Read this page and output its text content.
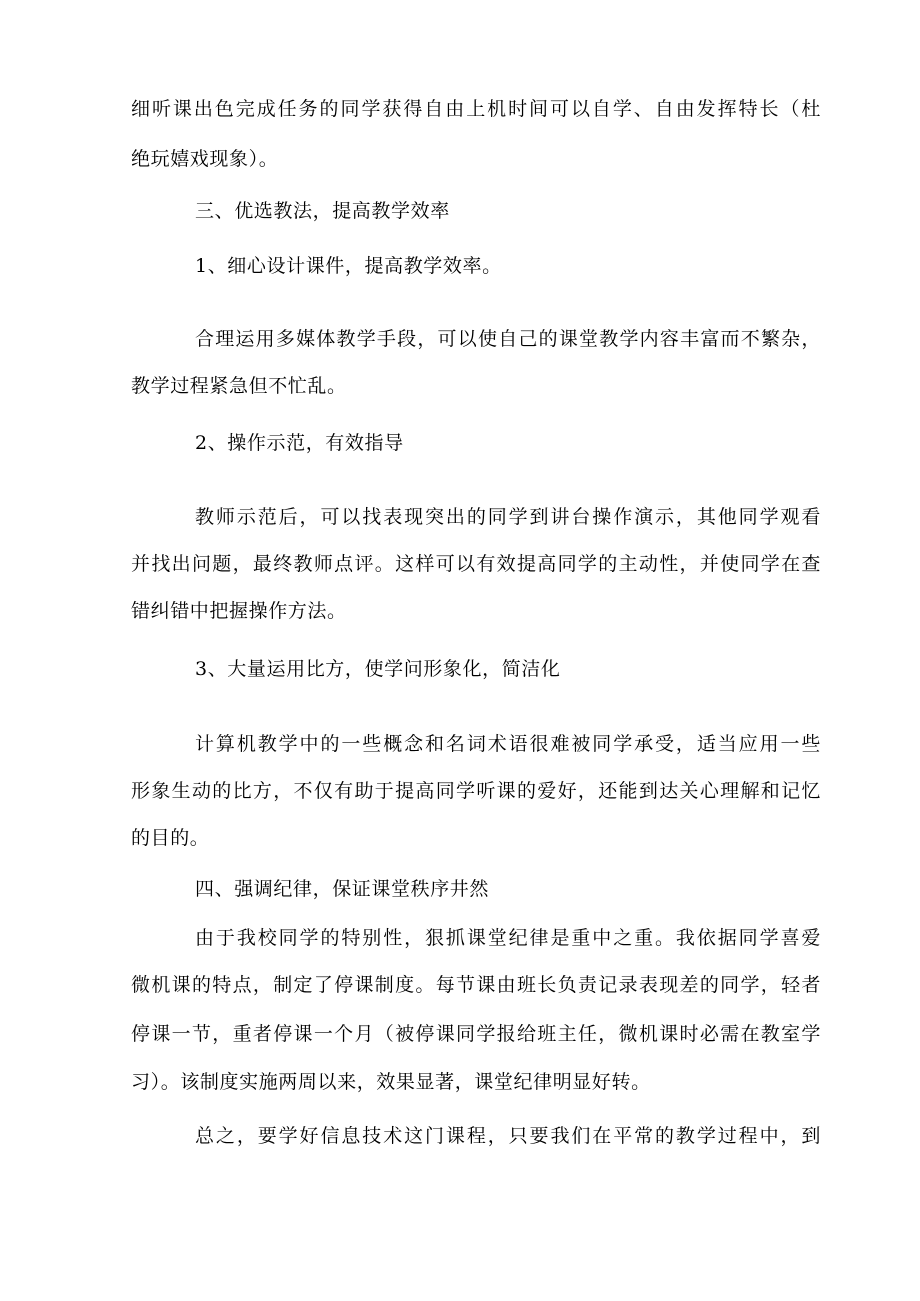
细听课出色完成任务的同学获得自由上机时间可以自学、自由发挥特长（杜
绝玩嬉戏现象）。
三、优选教法，提高教学效率
1、细心设计课件，提高教学效率。
合理运用多媒体教学手段，可以使自己的课堂教学内容丰富而不繁杂，
教学过程紧急但不忙乱。
2、操作示范，有效指导
教师示范后，可以找表现突出的同学到讲台操作演示，其他同学观看
并找出问题，最终教师点评。这样可以有效提高同学的主动性，并使同学在查
错纠错中把握操作方法。
3、大量运用比方，使学问形象化，简洁化
计算机教学中的一些概念和名词术语很难被同学承受，适当应用一些
形象生动的比方，不仅有助于提高同学听课的爱好，还能到达关心理解和记忆
的目的。
四、强调纪律，保证课堂秩序井然
由于我校同学的特别性，狠抓课堂纪律是重中之重。我依据同学喜爱
微机课的特点，制定了停课制度。每节课由班长负责记录表现差的同学，轻者
停课一节，重者停课一个月（被停课同学报给班主任，微机课时必需在教室学
习）。该制度实施两周以来，效果显著，课堂纪律明显好转。
总之，要学好信息技术这门课程，只要我们在平常的教学过程中，到
